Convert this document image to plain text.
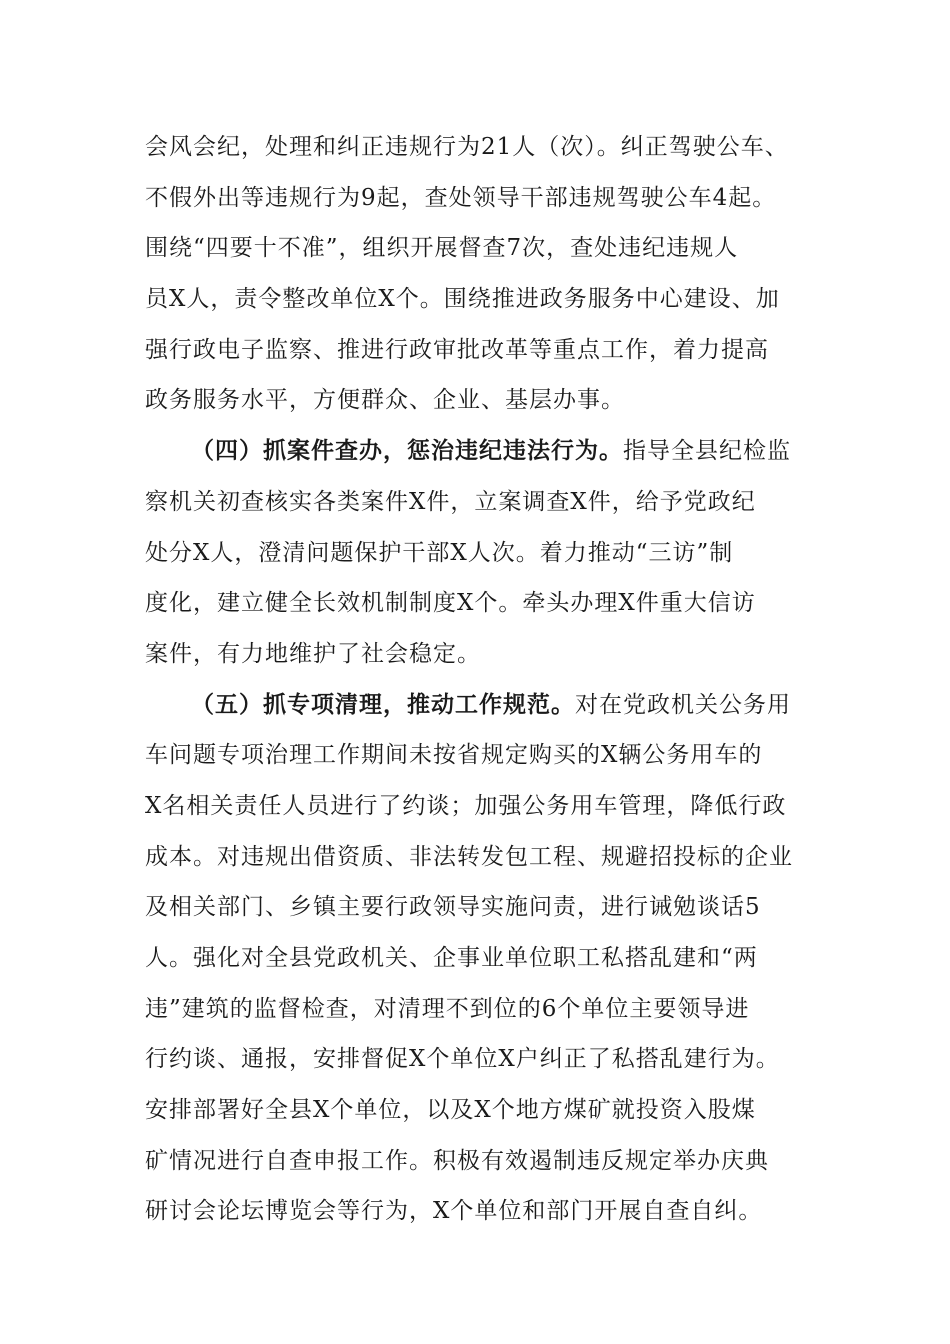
会风会纪，处理和纠正违规行为21人（次）。纠正驾驶公车、
不假外出等违规行为9起，查处领导干部违规驾驶公车4起。
围绕“四要十不准”，组织开展督查7次，查处违纪违规人
员X人，责令整改单位X个。围绕推进政务服务中心建设、加
强行政电子监察、推进行政审批改革等重点工作，着力提高
政务服务水平，方便群众、企业、基层办事。
（四）抓案件查办，惩治违纪违法行为。指导全县纪检监
察机关初查核实各类案件X件，立案调查X件，给予党政纪
处分X人，澄清问题保护干部X人次。着力推动“三访”制
度化，建立健全长效机制制度X个。牵头办理X件重大信访
案件，有力地维护了社会稳定。
（五）抓专项清理，推动工作规范。对在党政机关公务用
车问题专项治理工作期间未按省规定购买的X辆公务用车的
X名相关责任人员进行了约谈；加强公务用车管理，降低行政
成本。对违规出借资质、非法转发包工程、规避招投标的企业
及相关部门、乡镇主要行政领导实施问责，进行诫勉谈话5
人。强化对全县党政机关、企事业单位职工私搭乱建和“两
违”建筑的监督检查，对清理不到位的6个单位主要领导进
行约谈、通报，安排督促X个单位X户纠正了私搭乱建行为。
安排部署好全县X个单位，以及X个地方煤矿就投资入股煤
矿情况进行自查申报工作。积极有效遏制违反规定举办庆典
研讨会论坛博览会等行为，X个单位和部门开展自查自纠。
